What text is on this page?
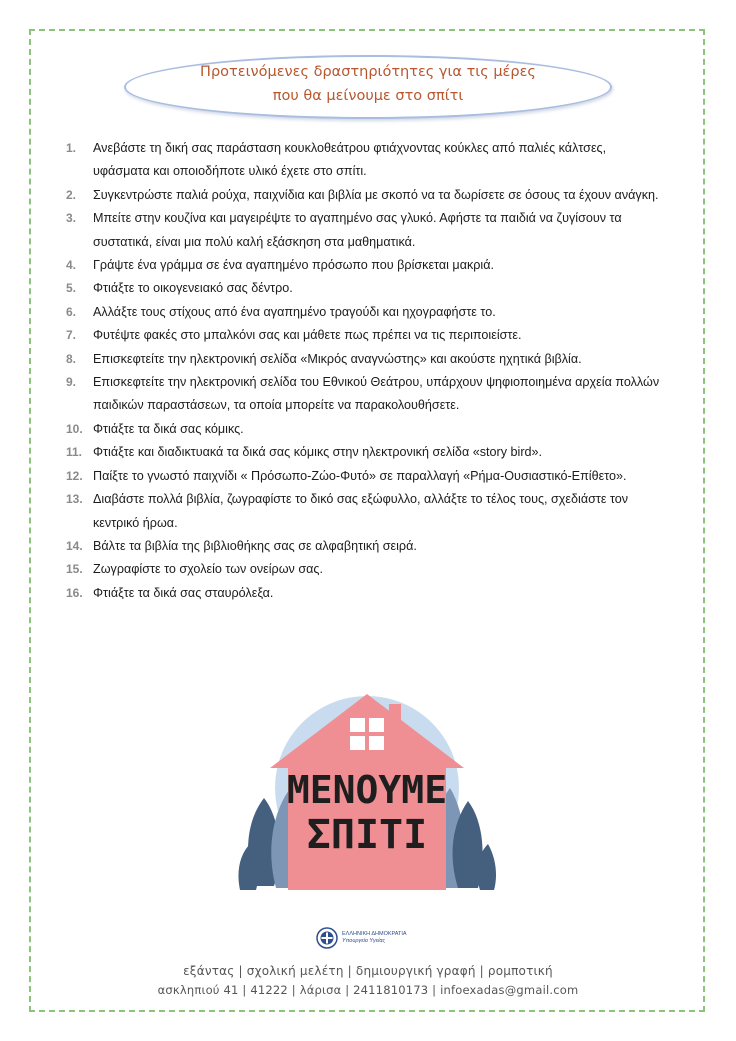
Προτεινόμενες δραστηριότητες για τις μέρες
που θα μείνουμε στο σπίτι
1. Ανεβάστε τη δική σας παράσταση κουκλοθεάτρου φτιάχνοντας κούκλες από παλιές κάλτσες, υφάσματα και οποιοδήποτε υλικό έχετε στο σπίτι.
2. Συγκεντρώστε παλιά ρούχα, παιχνίδια και βιβλία με σκοπό να τα δωρίσετε σε όσους τα έχουν ανάγκη.
3. Μπείτε στην κουζίνα και μαγειρέψτε το αγαπημένο σας γλυκό. Αφήστε τα παιδιά να ζυγίσουν τα συστατικά, είναι μια πολύ καλή εξάσκηση στα μαθηματικά.
4. Γράψτε ένα γράμμα σε ένα αγαπημένο πρόσωπο που βρίσκεται μακριά.
5. Φτιάξτε το οικογενειακό σας δέντρο.
6. Αλλάξτε τους στίχους από ένα αγαπημένο τραγούδι και ηχογραφήστε το.
7. Φυτέψτε φακές στο μπαλκόνι σας και μάθετε πως πρέπει να τις περιποιείστε.
8. Επισκεφτείτε την ηλεκτρονική σελίδα «Μικρός αναγνώστης» και ακούστε ηχητικά βιβλία.
9. Επισκεφτείτε την ηλεκτρονική σελίδα του Εθνικού Θεάτρου, υπάρχουν ψηφιοποιημένα αρχεία πολλών παιδικών παραστάσεων, τα οποία μπορείτε να παρακολουθήσετε.
10. Φτιάξτε τα δικά σας κόμικς.
11. Φτιάξτε και διαδικτυακά τα δικά σας κόμικς στην ηλεκτρονική σελίδα «story bird».
12. Παίξτε το γνωστό παιχνίδι « Πρόσωπο-Ζώο-Φυτό» σε παραλλαγή «Ρήμα-Ουσιαστικό-Επίθετο».
13. Διαβάστε πολλά βιβλία, ζωγραφίστε το δικό σας εξώφυλλο, αλλάξτε το τέλος τους, σχεδιάστε τον κεντρικό ήρωα.
14. Βάλτε τα βιβλία της βιβλιοθήκης σας σε αλφαβητική σειρά.
15. Ζωγραφίστε το σχολείο των ονείρων σας.
16. Φτιάξτε τα δικά σας σταυρόλεξα.
ΜΕΝΟΥΜΕ
ΣΠΙΤΙ
ΕΛΛΗΝΙΚΗ ΔΗΜΟΚΡΑΤΙΑ
Υπουργείο Υγείας
εξάντας | σχολική μελέτη | δημιουργική γραφή | ρομποτική
ασκληπιού 41 | 41222 | λάρισα | 2411810173 | infoexadas@gmail.com
